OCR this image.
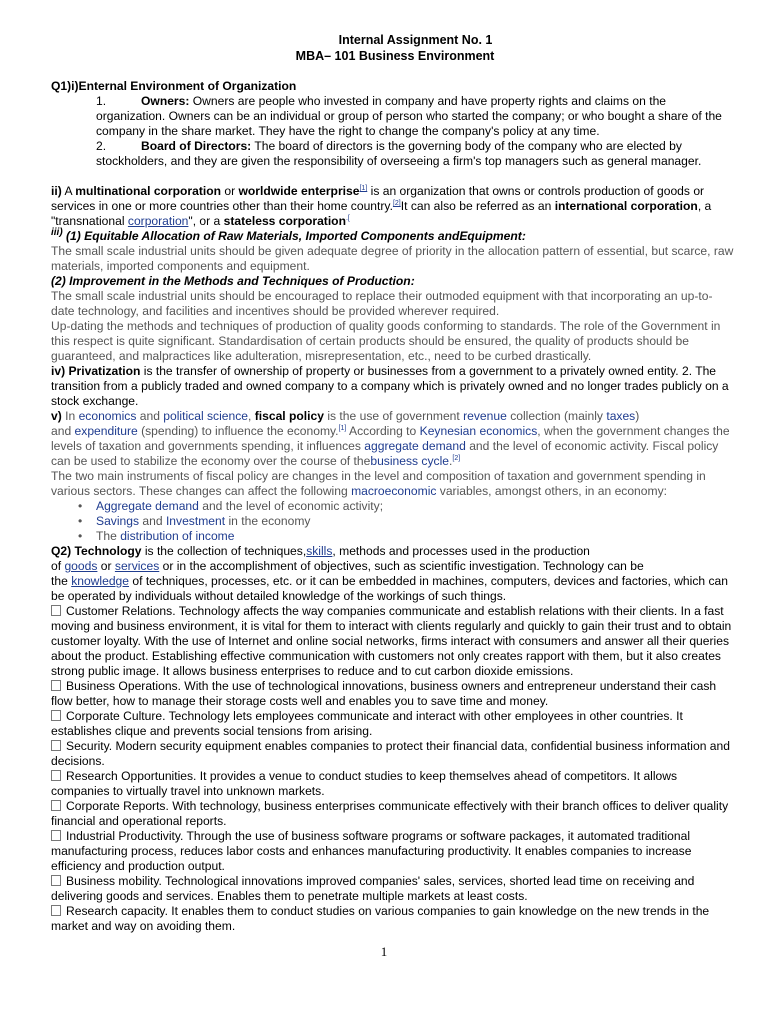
Internal Assignment No. 1
MBA– 101 Business Environment
Q1)i)Enternal Environment of Organization
1.	Owners: Owners are people who invested in company and have property rights and claims on the organization. Owners can be an individual or group of person who started the company; or who bought a share of the company in the share market. They have the right to change the company's policy at any time.
2.	Board of Directors: The board of directors is the governing body of the company who are elected by stockholders, and they are given the responsibility of overseeing a firm's top managers such as general manager.
ii) A multinational corporation or worldwide enterprise[1] is an organization that owns or controls production of goods or services in one or more countries other than their home country.[2]It can also be referred as an international corporation, a "transnational corporation", or a stateless corporation.[
$^{iii)}$ (1) Equitable Allocation of Raw Materials, Imported Components andEquipment:
The small scale industrial units should be given adequate degree of priority in the allocation pattern of essential, but scarce, raw materials, imported components and equipment.
(2) Improvement in the Methods and Techniques of Production:
The small scale industrial units should be encouraged to replace their outmoded equipment with that incorporating an up-to-date technology, and facilities and incentives should be provided wherever required.
Up-dating the methods and techniques of production of quality goods conforming to standards. The role of the Government in this respect is quite significant. Standardisation of certain products should be ensured, the quality of products should be guaranteed, and malpractices like adulteration, misrepresentation, etc., need to be curbed drastically.
iv) Privatization is the transfer of ownership of property or businesses from a government to a privately owned entity. 2. The transition from a publicly traded and owned company to a company which is privately owned and no longer trades publicly on a stock exchange.
v) In economics and political science, fiscal policy is the use of government revenue collection (mainly taxes)
and expenditure (spending) to influence the economy.[1] According to Keynesian economics, when the government changes the levels of taxation and governments spending, it influences aggregate demand and the level of economic activity. Fiscal policy can be used to stabilize the economy over the course of thebusiness cycle.[2]
The two main instruments of fiscal policy are changes in the level and composition of taxation and government spending in various sectors. These changes can affect the following macroeconomic variables, amongst others, in an economy:
• Aggregate demand and the level of economic activity;
• Savings and Investment in the economy
• The distribution of income
Q2) Technology is the collection of techniques,skills, methods and processes used in the production
of goods or services or in the accomplishment of objectives, such as scientific investigation. Technology can be
the knowledge of techniques, processes, etc. or it can be embedded in machines, computers, devices and factories, which can be operated by individuals without detailed knowledge of the workings of such things.
Customer Relations. Technology affects the way companies communicate and establish relations with their clients. In a fast moving and business environment, it is vital for them to interact with clients regularly and quickly to gain their trust and to obtain customer loyalty. With the use of Internet and online social networks, firms interact with consumers and answer all their queries about the product. Establishing effective communication with customers not only creates rapport with them, but it also creates strong public image. It allows business enterprises to reduce and to cut carbon dioxide emissions.
Business Operations. With the use of technological innovations, business owners and entrepreneur understand their cash flow better, how to manage their storage costs well and enables you to save time and money.
Corporate Culture. Technology lets employees communicate and interact with other employees in other countries. It establishes clique and prevents social tensions from arising.
Security. Modern security equipment enables companies to protect their financial data, confidential business information and decisions.
Research Opportunities. It provides a venue to conduct studies to keep themselves ahead of competitors. It allows companies to virtually travel into unknown markets.
Corporate Reports. With technology, business enterprises communicate effectively with their branch offices to deliver quality financial and operational reports.
Industrial Productivity. Through the use of business software programs or software packages, it automated traditional manufacturing process, reduces labor costs and enhances manufacturing productivity. It enables companies to increase efficiency and production output.
Business mobility. Technological innovations improved companies' sales, services, shorted lead time on receiving and delivering goods and services. Enables them to penetrate multiple markets at least costs.
Research capacity. It enables them to conduct studies on various companies to gain knowledge on the new trends in the market and way on avoiding them.
1
